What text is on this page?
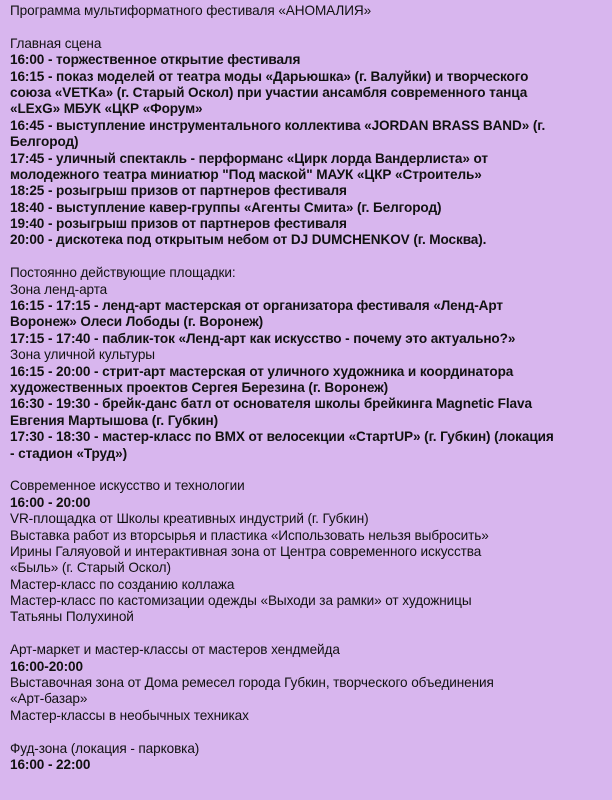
Программа мультиформатного фестиваля «АНОМАЛИЯ»
Главная сцена
16:00 - торжественное открытие фестиваля
16:15 - показ моделей от театра моды «Дарьюшка» (г. Валуйки) и творческого
союза «VETKa» (г. Старый Оскол) при участии ансамбля современного танца
«LExG» МБУК «ЦКР «Форум»
16:45 - выступление инструментального коллектива «JORDAN BRASS BAND» (г.
Белгород)
17:45 - уличный спектакль - перформанс «Цирк лорда Вандерлиста» от
молодежного театра миниатюр "Под маской" МАУК «ЦКР «Строитель»
18:25 - розыгрыш призов от партнеров фестиваля
18:40 - выступление кавер-группы «Агенты Смита» (г. Белгород)
19:40 - розыгрыш призов от партнеров фестиваля
20:00 - дискотека под открытым небом от DJ DUMCHENKOV (г. Москва).
Постоянно действующие площадки:
Зона ленд-арта
16:15 - 17:15 - ленд-арт мастерская от организатора фестиваля «Ленд-Арт
Воронеж» Олеси Лободы (г. Воронеж)
17:15 - 17:40 - паблик-ток «Ленд-арт как искусство - почему это актуально?»
Зона уличной культуры
16:15 - 20:00 - стрит-арт мастерская от уличного художника и координатора
художественных проектов Сергея Березина (г. Воронеж)
16:30 - 19:30 - брейк-данс батл от основателя школы брейкинга Magnetic Flava
Евгения Мартышова (г. Губкин)
17:30 - 18:30 - мастер-класс по BMX от велосекции «СтартUP» (г. Губкин) (локация
- стадион «Труд»)
Современное искусство и технологии
16:00 - 20:00
VR-площадка от Школы креативных индустрий (г. Губкин)
Выставка работ из вторсырья и пластика «Использовать нельзя выбросить»
Ирины Галяуовой и интерактивная зона от Центра современного искусства
«Быль» (г. Старый Оскол)
Мастер-класс по созданию коллажа
Мастер-класс по кастомизации одежды «Выходи за рамки» от художницы
Татьяны Полухиной
Арт-маркет и мастер-классы от мастеров хендмейда
16:00-20:00
Выставочная зона от Дома ремесел города Губкин, творческого объединения
«Арт-базар»
Мастер-классы в необычных техниках
Фуд-зона (локация - парковка)
16:00 - 22:00
